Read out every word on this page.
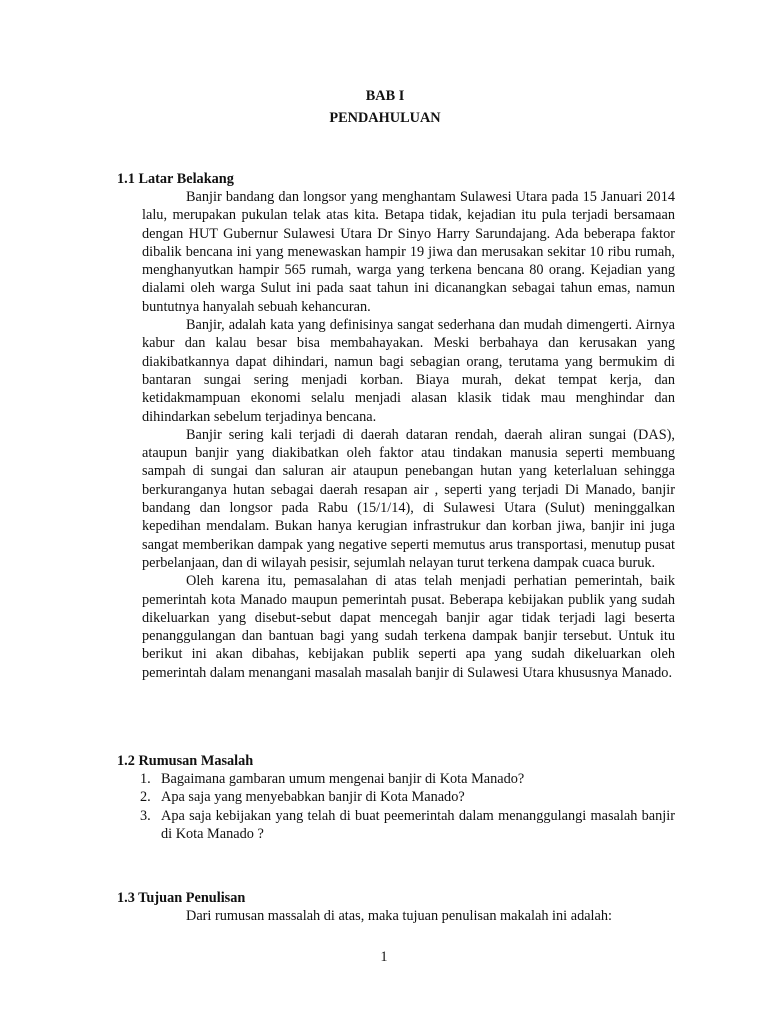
BAB I
PENDAHULUAN

1.1 Latar Belakang

Banjir bandang dan longsor yang menghantam Sulawesi Utara pada 15 Januari 2014 lalu, merupakan pukulan telak atas kita. Betapa tidak, kejadian itu pula terjadi bersamaan dengan HUT Gubernur Sulawesi Utara Dr Sinyo Harry Sarundajang. Ada beberapa faktor dibalik bencana ini yang menewaskan hampir 19 jiwa dan merusakan sekitar 10 ribu rumah, menghanyutkan hampir 565 rumah, warga yang terkena bencana 80 orang. Kejadian yang dialami oleh warga Sulut ini pada saat tahun ini dicanangkan sebagai tahun emas, namun buntutnya hanyalah sebuah kehancuran.

Banjir, adalah kata yang definisinya sangat sederhana dan mudah dimengerti. Airnya kabur dan kalau besar bisa membahayakan. Meski berbahaya dan kerusakan yang diakibatkannya dapat dihindari, namun bagi sebagian orang, terutama yang bermukim di bantaran sungai sering menjadi korban. Biaya murah, dekat tempat kerja, dan ketidakmampuan ekonomi selalu menjadi alasan klasik tidak mau menghindar dan dihindarkan sebelum terjadinya bencana.

Banjir sering kali terjadi di daerah dataran rendah, daerah aliran sungai (DAS), ataupun banjir yang diakibatkan oleh faktor atau tindakan manusia seperti membuang sampah di sungai dan saluran air ataupun penebangan hutan yang keterlaluan sehingga berkuranganya hutan sebagai daerah resapan air , seperti yang terjadi Di Manado, banjir bandang dan longsor pada Rabu (15/1/14), di Sulawesi Utara (Sulut) meninggalkan kepedihan mendalam. Bukan hanya kerugian infrastrukur dan korban jiwa, banjir ini juga sangat memberikan dampak yang negative seperti memutus arus transportasi, menutup pusat perbelanjaan, dan di wilayah pesisir, sejumlah nelayan turut terkena dampak cuaca buruk.

Oleh karena itu, pemasalahan di atas telah menjadi perhatian pemerintah, baik pemerintah kota Manado maupun pemerintah pusat. Beberapa kebijakan publik yang sudah dikeluarkan yang disebut-sebut dapat mencegah banjir agar tidak terjadi lagi beserta penanggulangan dan bantuan bagi yang sudah terkena dampak banjir tersebut. Untuk itu berikut ini akan dibahas, kebijakan publik seperti apa yang sudah dikeluarkan oleh pemerintah dalam menangani masalah masalah banjir di Sulawesi Utara khususnya Manado.

1.2 Rumusan Masalah

1. Bagaimana gambaran umum mengenai banjir di Kota Manado?
2. Apa saja yang menyebabkan banjir di Kota Manado?
3. Apa saja kebijakan yang telah di buat peemerintah dalam menanggulangi masalah banjir di Kota Manado ?

1.3 Tujuan Penulisan

Dari rumusan massalah di atas, maka tujuan penulisan makalah ini adalah:

1
